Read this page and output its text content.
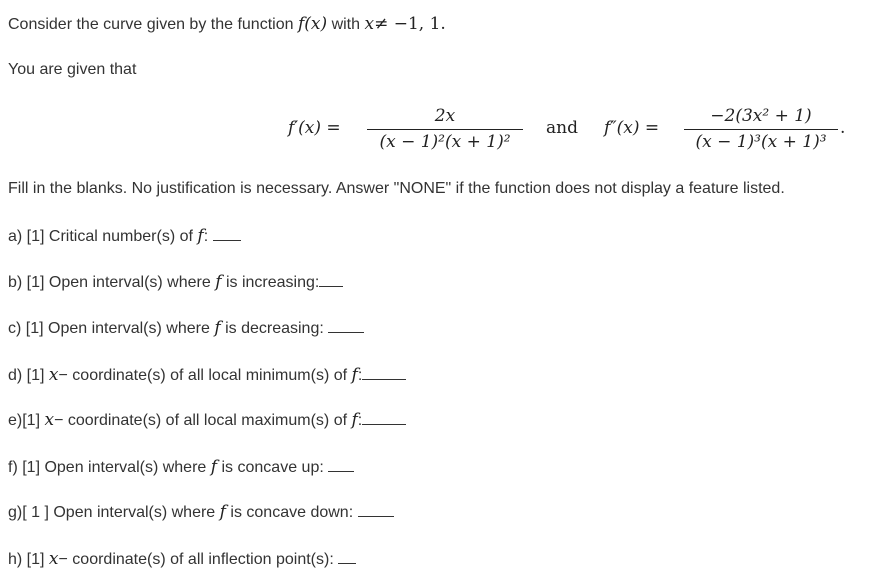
Consider the curve given by the function f(x) with x≠ −1, 1.
You are given that
f′(x) =
2x
(x − 1)²(x + 1)²
and f″(x) =
−2(3x² + 1)
(x − 1)³(x + 1)³
.
Fill in the blanks. No justification is necessary. Answer "NONE" if the function does not display a feature listed.
a) [1] Critical number(s) of f:
b) [1] Open interval(s) where f is increasing:
c) [1] Open interval(s) where f is decreasing:
d) [1] x− coordinate(s) of all local minimum(s) of f:
e)[1] x− coordinate(s) of all local maximum(s) of f:
f) [1] Open interval(s) where f is concave up:
g)[ 1 ] Open interval(s) where f is concave down:
h) [1] x− coordinate(s) of all inflection point(s):
